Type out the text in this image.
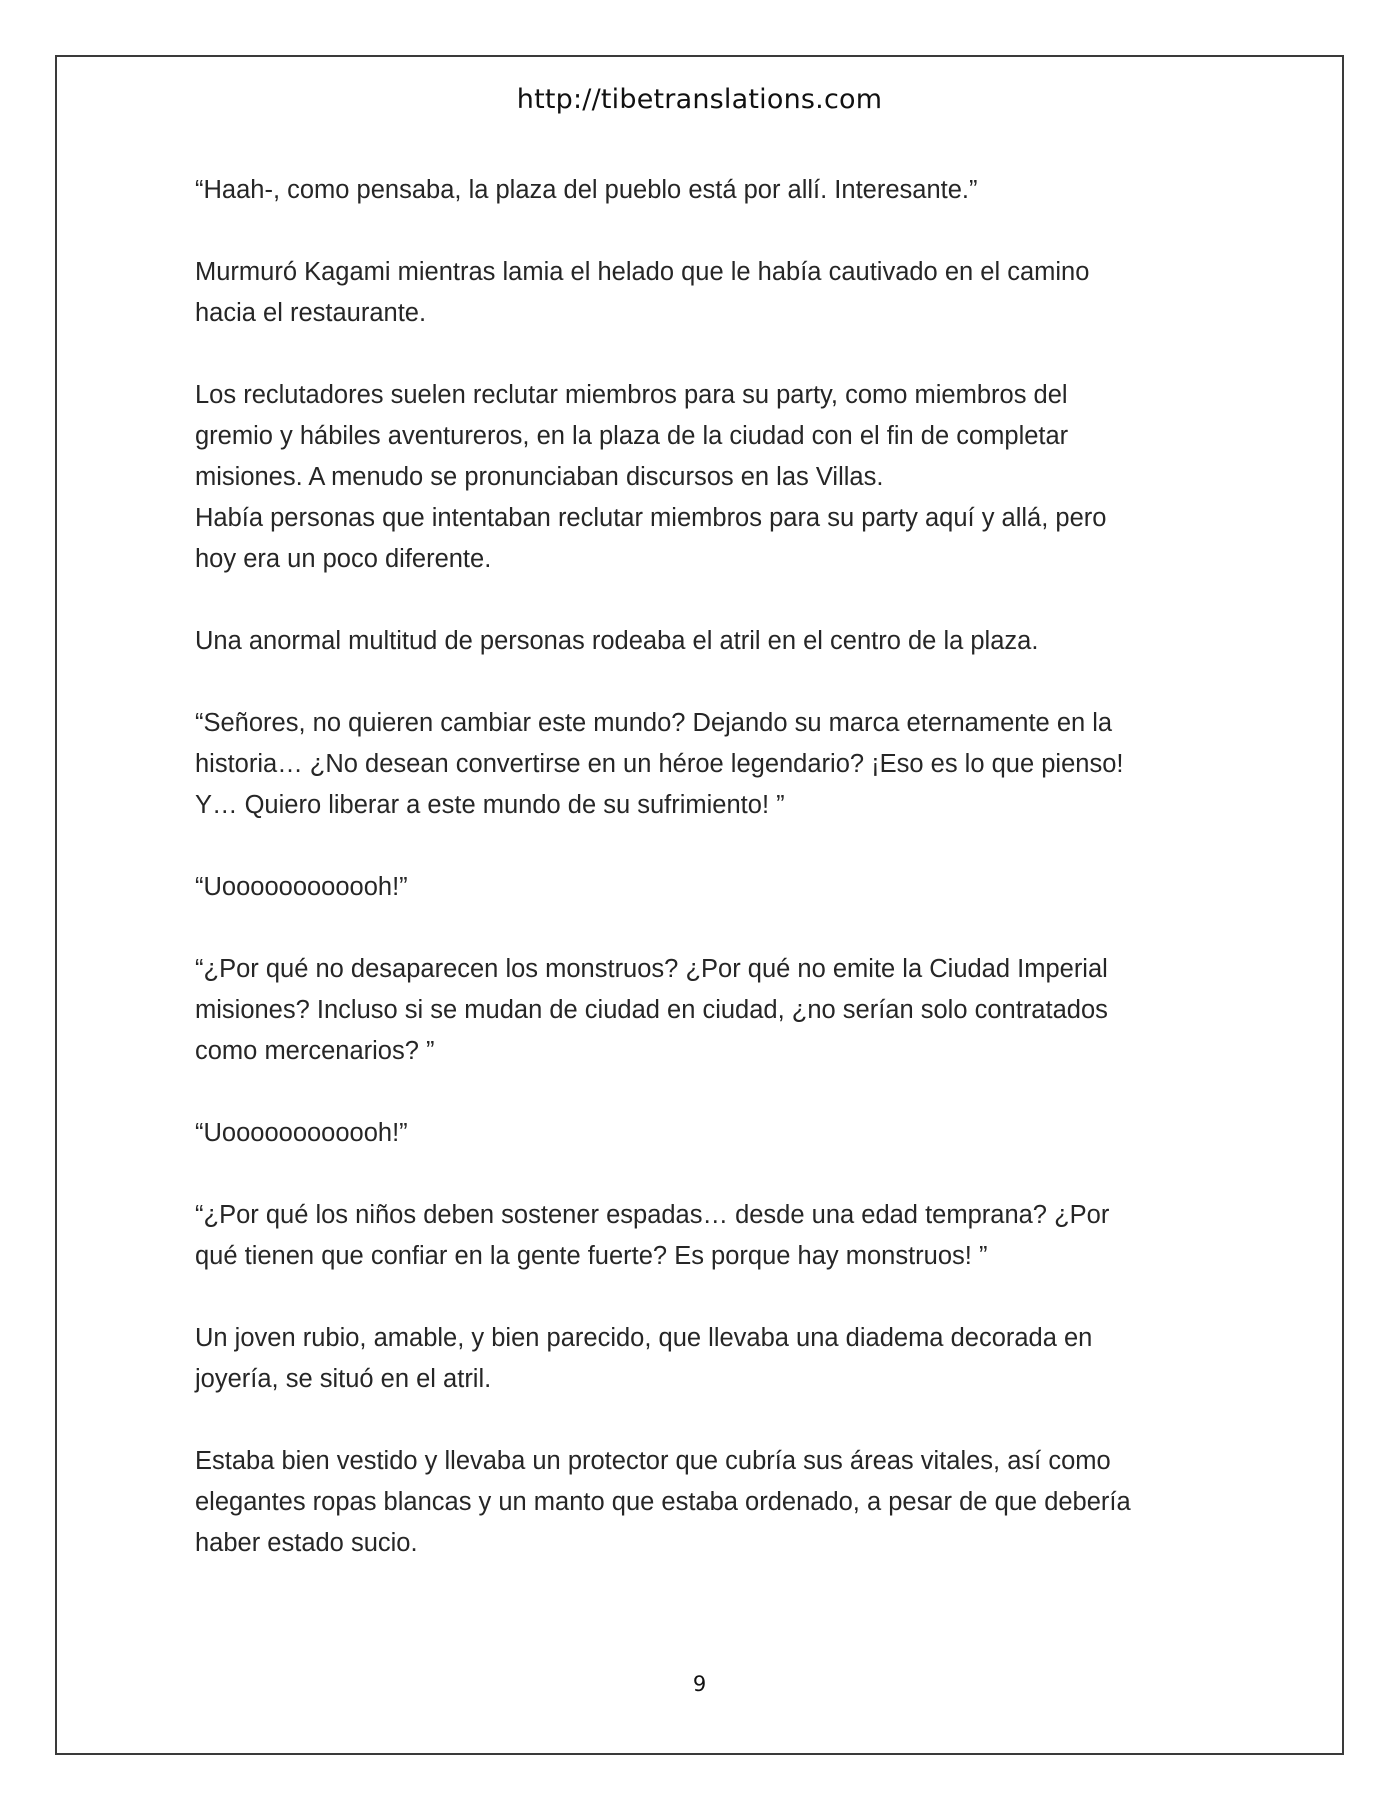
http://tibetranslations.com

“Haah-, como pensaba, la plaza del pueblo está por allí. Interesante.”

Murmuró Kagami mientras lamia el helado que le había cautivado en el camino
hacia el restaurante.

Los reclutadores suelen reclutar miembros para su party, como miembros del
gremio y hábiles aventureros, en la plaza de la ciudad con el fin de completar
misiones. A menudo se pronunciaban discursos en las Villas.

Había personas que intentaban reclutar miembros para su party aquí y allá, pero
hoy era un poco diferente.

Una anormal multitud de personas rodeaba el atril en el centro de la plaza.

“Señores, no quieren cambiar este mundo? Dejando su marca eternamente en la
historia… ¿No desean convertirse en un héroe legendario? ¡Eso es lo que pienso!
Y… Quiero liberar a este mundo de su sufrimiento! ”

“Uoooooooooooh!”

“¿Por qué no desaparecen los monstruos? ¿Por qué no emite la Ciudad Imperial
misiones? Incluso si se mudan de ciudad en ciudad, ¿no serían solo contratados
como mercenarios? ”

“Uoooooooooooh!”

“¿Por qué los niños deben sostener espadas… desde una edad temprana? ¿Por
qué tienen que confiar en la gente fuerte? Es porque hay monstruos! ”

Un joven rubio, amable, y bien parecido, que llevaba una diadema decorada en
joyería, se situó en el atril.

Estaba bien vestido y llevaba un protector que cubría sus áreas vitales, así como
elegantes ropas blancas y un manto que estaba ordenado, a pesar de que debería
haber estado sucio.

9
